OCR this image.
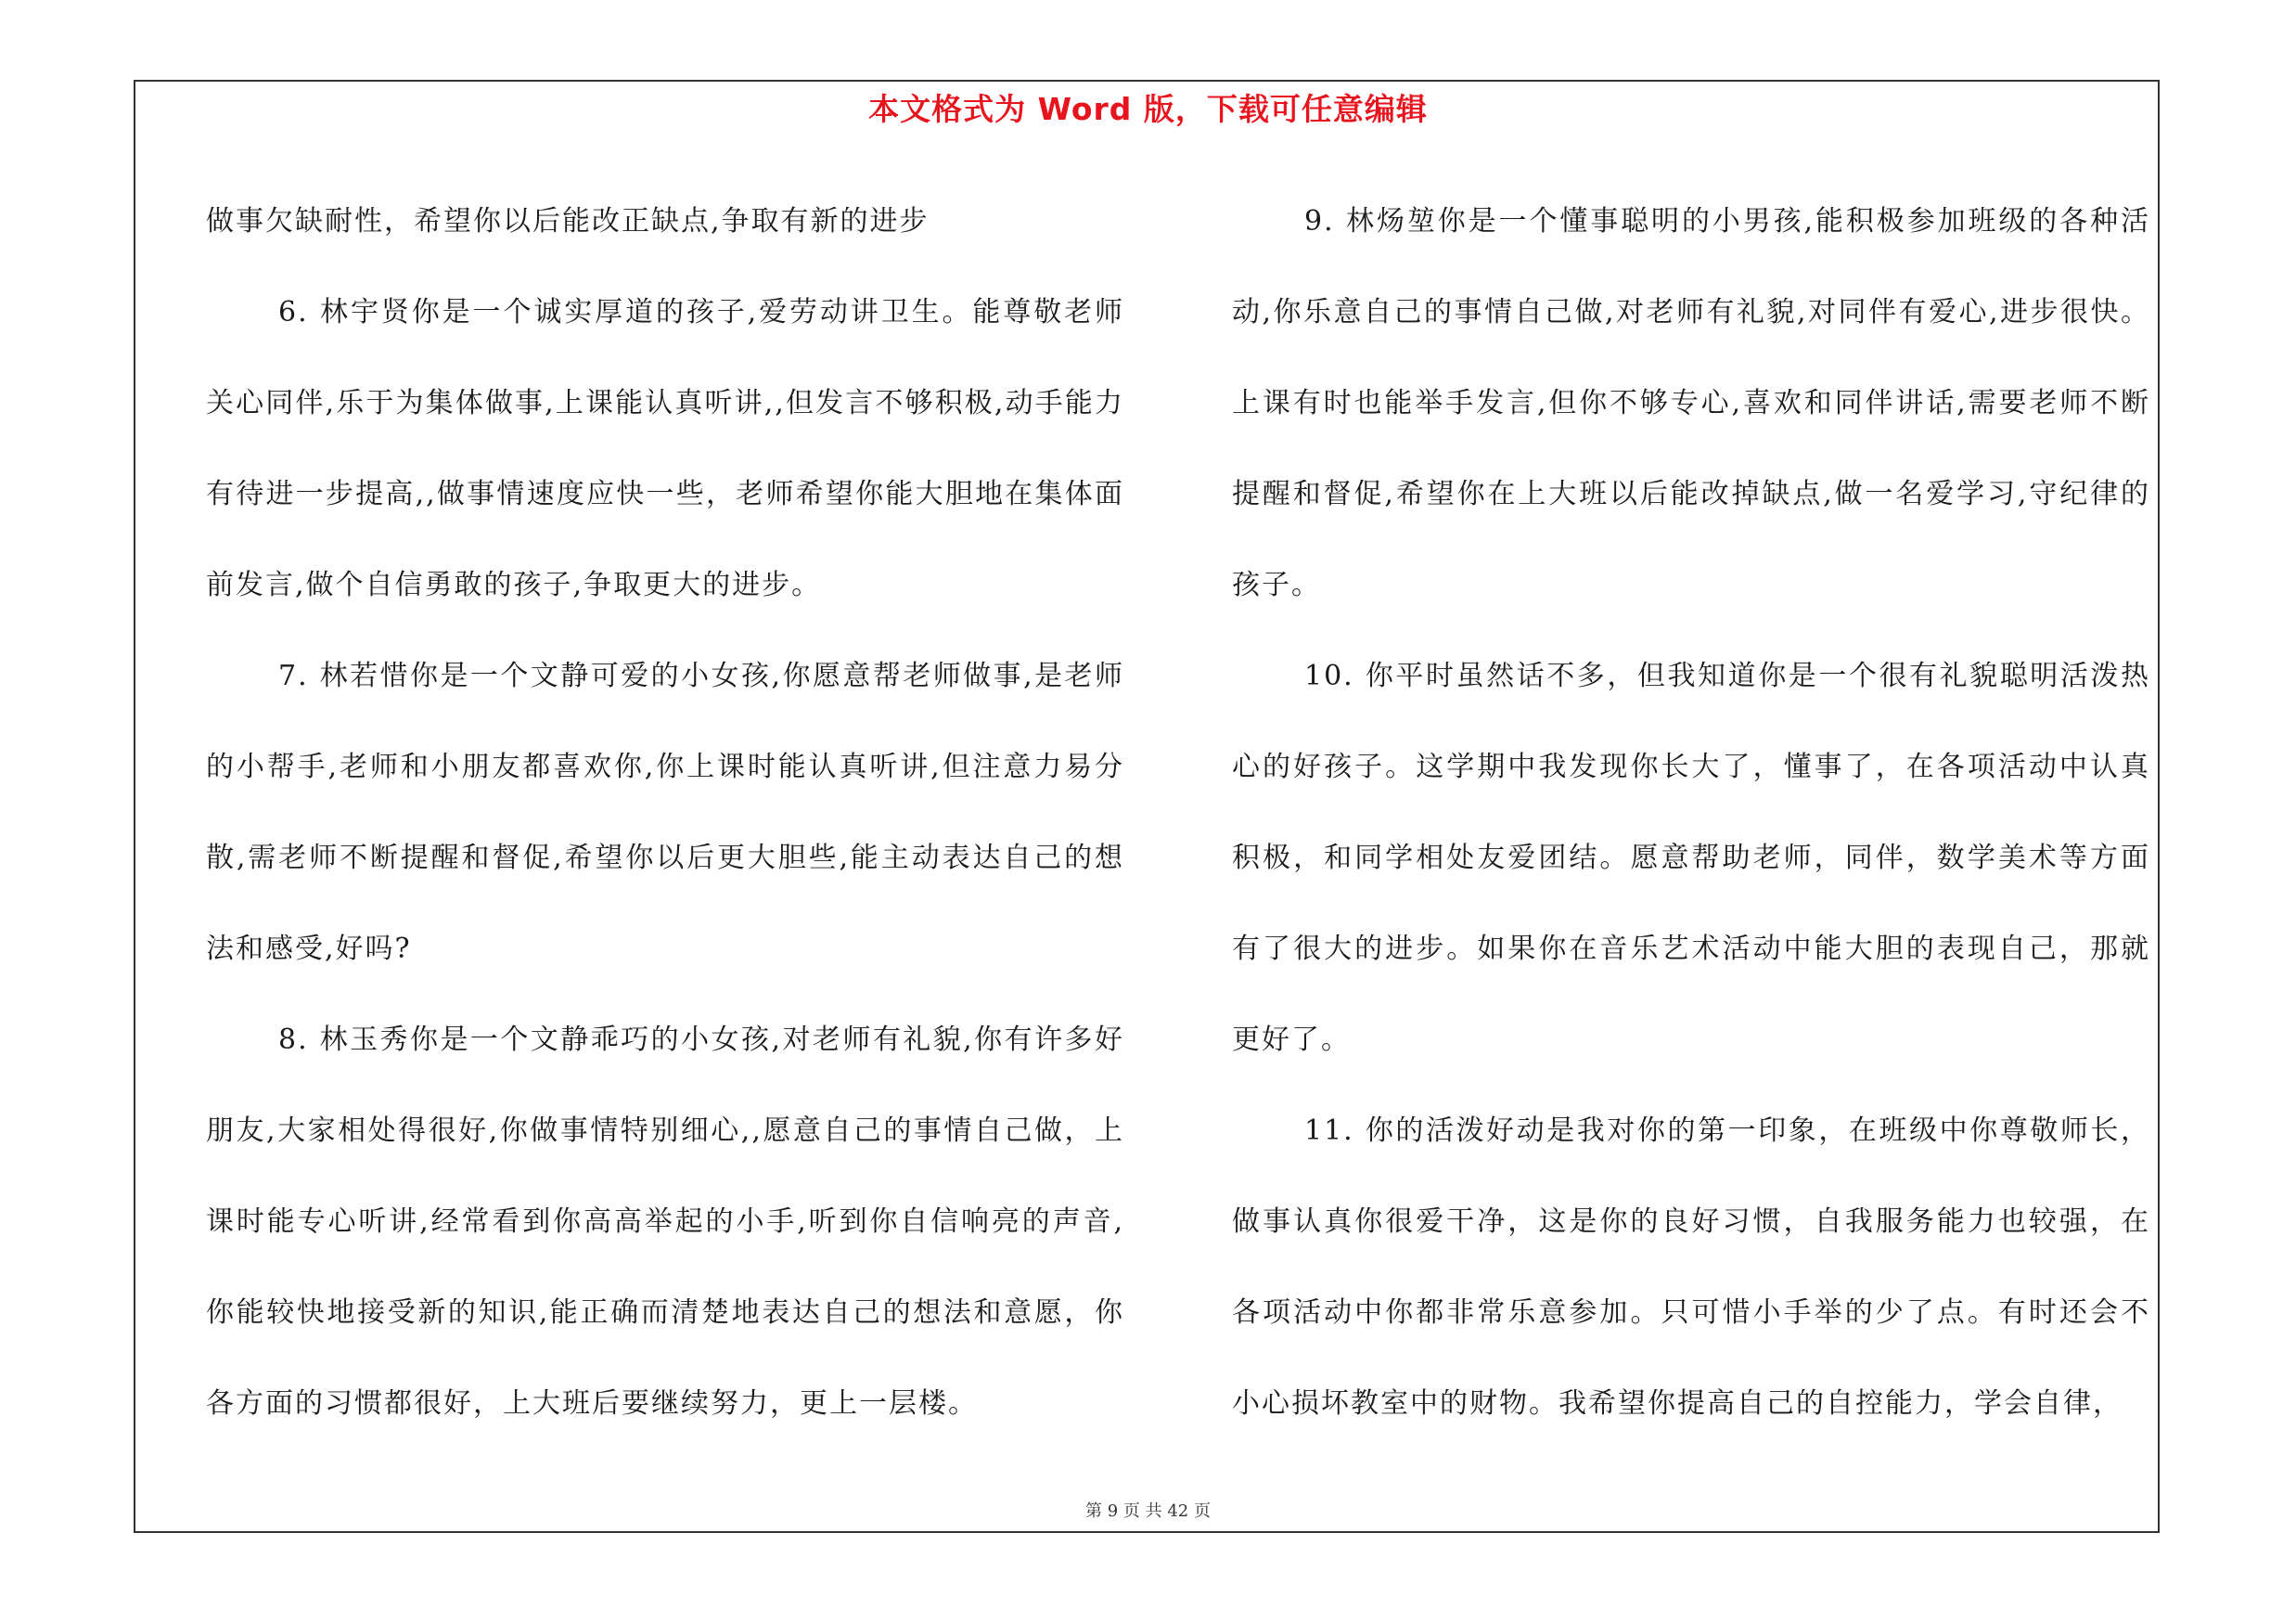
本文格式为 Word 版，下载可任意编辑

做事欠缺耐性，希望你以后能改正缺点,争取有新的进步

6. 林宇贤你是一个诚实厚道的孩子,爱劳动讲卫生。能尊敬老师关心同伴,乐于为集体做事,上课能认真听讲,,但发言不够积极,动手能力有待进一步提高,,做事情速度应快一些，老师希望你能大胆地在集体面前发言,做个自信勇敢的孩子,争取更大的进步。

7. 林若惜你是一个文静可爱的小女孩,你愿意帮老师做事,是老师的小帮手,老师和小朋友都喜欢你,你上课时能认真听讲,但注意力易分散,需老师不断提醒和督促,希望你以后更大胆些,能主动表达自己的想法和感受,好吗?

8. 林玉秀你是一个文静乖巧的小女孩,对老师有礼貌,你有许多好朋友,大家相处得很好,你做事情特别细心,,愿意自己的事情自己做，上课时能专心听讲,经常看到你高高举起的小手,听到你自信响亮的声音,你能较快地接受新的知识,能正确而清楚地表达自己的想法和意愿，你各方面的习惯都很好，上大班后要继续努力，更上一层楼。

9. 林炀堃你是一个懂事聪明的小男孩,能积极参加班级的各种活动,你乐意自己的事情自己做,对老师有礼貌,对同伴有爱心,进步很快。上课有时也能举手发言,但你不够专心,喜欢和同伴讲话,需要老师不断提醒和督促,希望你在上大班以后能改掉缺点,做一名爱学习,守纪律的孩子。

10. 你平时虽然话不多，但我知道你是一个很有礼貌聪明活泼热心的好孩子。这学期中我发现你长大了，懂事了，在各项活动中认真积极，和同学相处友爱团结。愿意帮助老师，同伴，数学美术等方面有了很大的进步。如果你在音乐艺术活动中能大胆的表现自己，那就更好了。

11. 你的活泼好动是我对你的第一印象，在班级中你尊敬师长，做事认真你很爱干净，这是你的良好习惯，自我服务能力也较强，在各项活动中你都非常乐意参加。只可惜小手举的少了点。有时还会不小心损坏教室中的财物。我希望你提高自己的自控能力，学会自律，

第 9 页 共 42 页
